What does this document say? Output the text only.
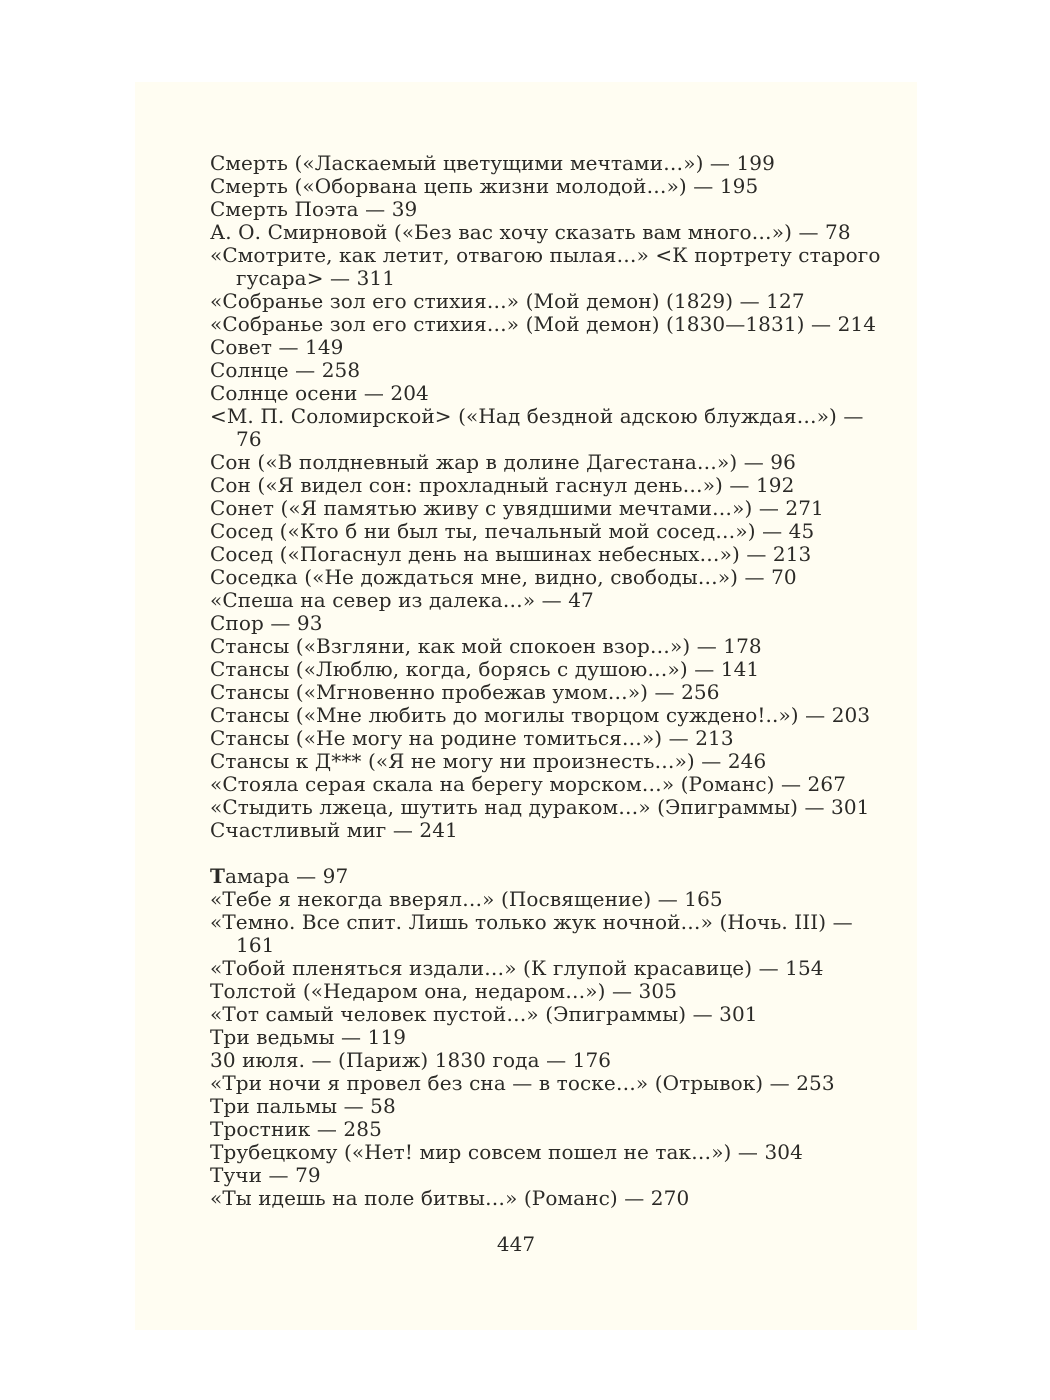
Смерть («Ласкаемый цветущими мечтами…») — 199
Смерть («Оборвана цепь жизни молодой…») — 195
Смерть Поэта — 39
А. О. Смирновой («Без вас хочу сказать вам много…») — 78
«Смотрите, как летит, отвагою пылая…» <К портрету старого
гусара> — 311
«Собранье зол его стихия…» (Мой демон) (1829) — 127
«Собранье зол его стихия…» (Мой демон) (1830—1831) — 214
Совет — 149
Солнце — 258
Солнце осени — 204
<М. П. Соломирской> («Над бездной адскою блуждая…») —
76
Сон («В полдневный жар в долине Дагестана…») — 96
Сон («Я видел сон: прохладный гаснул день…») — 192
Сонет («Я памятью живу с увядшими мечтами…») — 271
Сосед («Кто б ни был ты, печальный мой сосед…») — 45
Сосед («Погаснул день на вышинах небесных…») — 213
Соседка («Не дождаться мне, видно, свободы…») — 70
«Спеша на север из далека…» — 47
Спор — 93
Стансы («Взгляни, как мой спокоен взор…») — 178
Стансы («Люблю, когда, борясь с душою…») — 141
Стансы («Мгновенно пробежав умом…») — 256
Стансы («Мне любить до могилы творцом суждено!..») — 203
Стансы («Не могу на родине томиться…») — 213
Стансы к Д*** («Я не могу ни произнесть…») — 246
«Стояла серая скала на берегу морском…» (Романс) — 267
«Стыдить лжеца, шутить над дураком…» (Эпиграммы) — 301
Счастливый миг — 241
Тамара — 97
«Тебе я некогда вверял…» (Посвящение) — 165
«Темно. Все спит. Лишь только жук ночной…» (Ночь. III) —
161
«Тобой пленяться издали…» (К глупой красавице) — 154
Толстой («Недаром она, недаром…») — 305
«Тот самый человек пустой…» (Эпиграммы) — 301
Три ведьмы — 119
30 июля. — (Париж) 1830 года — 176
«Три ночи я провел без сна — в тоске…» (Отрывок) — 253
Три пальмы — 58
Тростник — 285
Трубецкому («Нет! мир совсем пошел не так…») — 304
Тучи — 79
«Ты идешь на поле битвы…» (Романс) — 270
447
